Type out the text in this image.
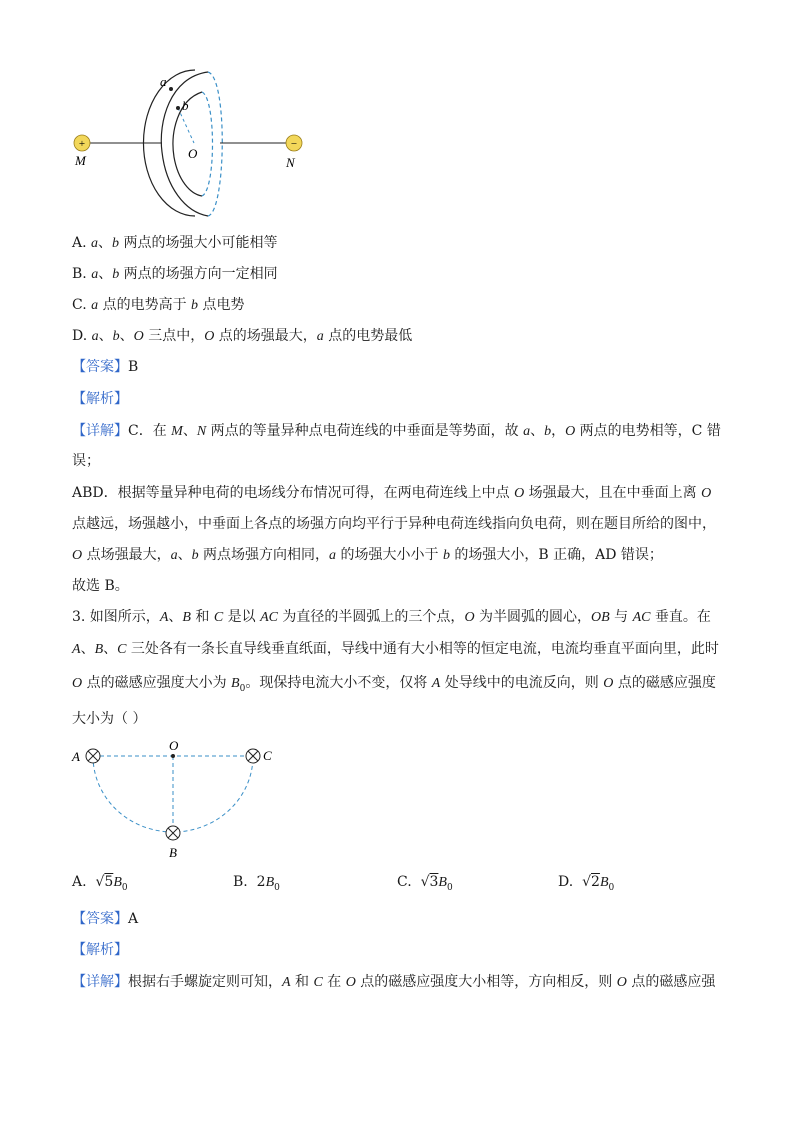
+	−
a
b
O
M	N
A. a、b 两点的场强大小可能相等
B. a、b 两点的场强方向一定相同
C. a 点的电势高于 b 点电势
D. a、b、O 三点中，O 点的场强最大，a 点的电势最低
【答案】B
【解析】
【详解】C．在 M、N 两点的等量异种点电荷连线的中垂面是等势面，故 a、b，O 两点的电势相等，C 错
误；
ABD．根据等量异种电荷的电场线分布情况可得，在两电荷连线上中点 O 场强最大，且在中垂面上离 O
点越远，场强越小，中垂面上各点的场强方向均平行于异种电荷连线指向负电荷，则在题目所给的图中，
O 点场强最大，a、b 两点场强方向相同，a 的场强大小小于 b 的场强大小，B 正确，AD 错误；
故选 B。
3. 如图所示，A、B 和 C 是以 AC 为直径的半圆弧上的三个点，O 为半圆弧的圆心，OB 与 AC 垂直。在
A、B、C 三处各有一条长直导线垂直纸面，导线中通有大小相等的恒定电流，电流均垂直平面向里，此时
O 点的磁感应强度大小为 $B_0$。现保持电流大小不变，仅将 A 处导线中的电流反向，则 O 点的磁感应强度
大小为（ ）
A
O
C
B
A. $√5B_0$	B. $2B_0$	C. $√3B_0$	D. $√2B_0$
【答案】A
【解析】
【详解】根据右手螺旋定则可知，A 和 C 在 O 点的磁感应强度大小相等，方向相反，则 O 点的磁感应强
